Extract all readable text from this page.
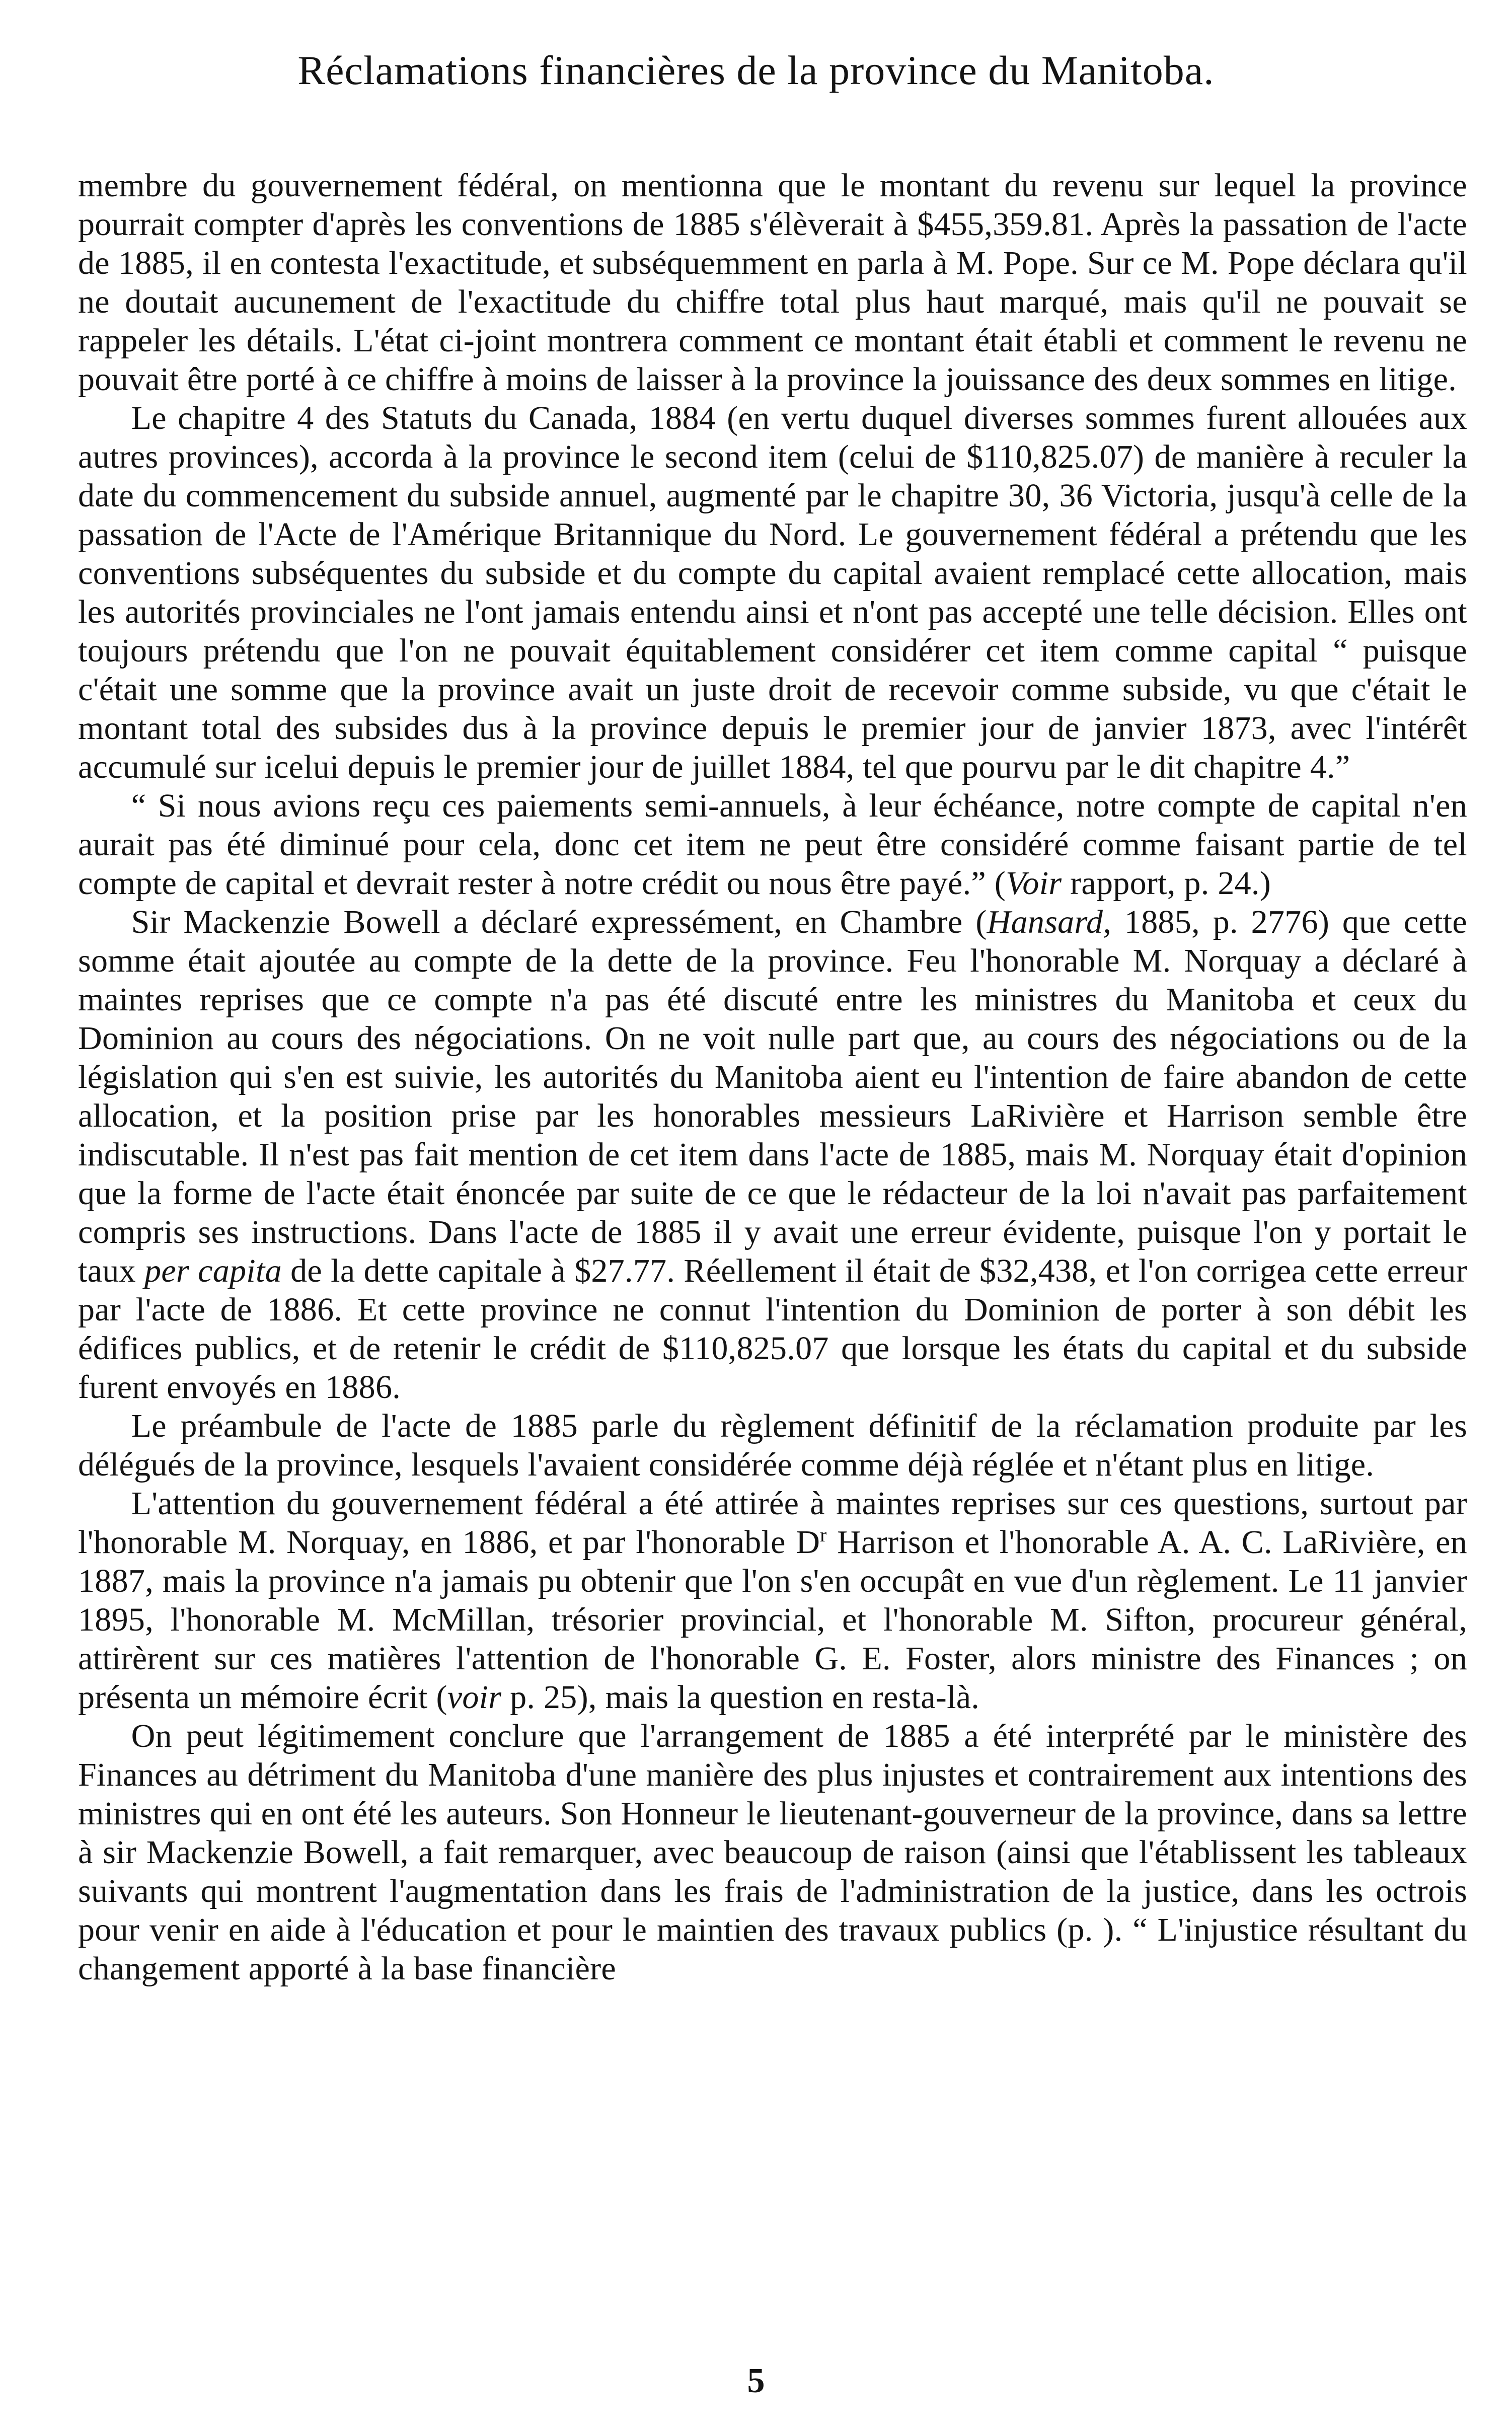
Réclamations financières de la province du Manitoba.

membre du gouvernement fédéral, on mentionna que le montant du revenu sur lequel la province pourrait compter d'après les conventions de 1885 s'élèverait à $455,359.81. Après la passation de l'acte de 1885, il en contesta l'exactitude, et subséquemment en parla à M. Pope. Sur ce M. Pope déclara qu'il ne doutait aucunement de l'exactitude du chiffre total plus haut marqué, mais qu'il ne pouvait se rappeler les détails. L'état ci-joint montrera comment ce montant était établi et comment le revenu ne pouvait être porté à ce chiffre à moins de laisser à la province la jouissance des deux sommes en litige.

Le chapitre 4 des Statuts du Canada, 1884 (en vertu duquel diverses sommes furent allouées aux autres provinces), accorda à la province le second item (celui de $110,825.07) de manière à reculer la date du commencement du subside annuel, augmenté par le chapitre 30, 36 Victoria, jusqu'à celle de la passation de l'Acte de l'Amérique Britannique du Nord. Le gouvernement fédéral a prétendu que les conventions subséquentes du subside et du compte du capital avaient remplacé cette allocation, mais les autorités provinciales ne l'ont jamais entendu ainsi et n'ont pas accepté une telle décision. Elles ont toujours prétendu que l'on ne pouvait équitablement considérer cet item comme capital “ puisque c'était une somme que la province avait un juste droit de recevoir comme subside, vu que c'était le montant total des subsides dus à la province depuis le premier jour de janvier 1873, avec l'intérêt accumulé sur icelui depuis le premier jour de juillet 1884, tel que pourvu par le dit chapitre 4.”

“ Si nous avions reçu ces paiements semi-annuels, à leur échéance, notre compte de capital n'en aurait pas été diminué pour cela, donc cet item ne peut être considéré comme faisant partie de tel compte de capital et devrait rester à notre crédit ou nous être payé.” (Voir rapport, p. 24.)

Sir Mackenzie Bowell a déclaré expressément, en Chambre (Hansard, 1885, p. 2776) que cette somme était ajoutée au compte de la dette de la province. Feu l'honorable M. Norquay a déclaré à maintes reprises que ce compte n'a pas été discuté entre les ministres du Manitoba et ceux du Dominion au cours des négociations. On ne voit nulle part que, au cours des négociations ou de la législation qui s'en est suivie, les autorités du Manitoba aient eu l'intention de faire abandon de cette allocation, et la position prise par les honorables messieurs LaRivière et Harrison semble être indiscutable. Il n'est pas fait mention de cet item dans l'acte de 1885, mais M. Norquay était d'opinion que la forme de l'acte était énoncée par suite de ce que le rédacteur de la loi n'avait pas parfaitement compris ses instructions. Dans l'acte de 1885 il y avait une erreur évidente, puisque l'on y portait le taux per capita de la dette capitale à $27.77. Réellement il était de $32,438, et l'on corrigea cette erreur par l'acte de 1886. Et cette province ne connut l'intention du Dominion de porter à son débit les édifices publics, et de retenir le crédit de $110,825.07 que lorsque les états du capital et du subside furent envoyés en 1886.

Le préambule de l'acte de 1885 parle du règlement définitif de la réclamation produite par les délégués de la province, lesquels l'avaient considérée comme déjà réglée et n'étant plus en litige.

L'attention du gouvernement fédéral a été attirée à maintes reprises sur ces questions, surtout par l'honorable M. Norquay, en 1886, et par l'honorable $D^r$ Harrison et l'honorable A. A. C. LaRivière, en 1887, mais la province n'a jamais pu obtenir que l'on s'en occupât en vue d'un règlement. Le 11 janvier 1895, l'honorable M. McMillan, trésorier provincial, et l'honorable M. Sifton, procureur général, attirèrent sur ces matières l'attention de l'honorable G. E. Foster, alors ministre des Finances ; on présenta un mémoire écrit (voir p. 25), mais la question en resta-là.

On peut légitimement conclure que l'arrangement de 1885 a été interprété par le ministère des Finances au détriment du Manitoba d'une manière des plus injustes et contrairement aux intentions des ministres qui en ont été les auteurs. Son Honneur le lieutenant-gouverneur de la province, dans sa lettre à sir Mackenzie Bowell, a fait remarquer, avec beaucoup de raison (ainsi que l'établissent les tableaux suivants qui montrent l'augmentation dans les frais de l'administration de la justice, dans les octrois pour venir en aide à l'éducation et pour le maintien des travaux publics (p. ). “ L'injustice résultant du changement apporté à la base financière

5
